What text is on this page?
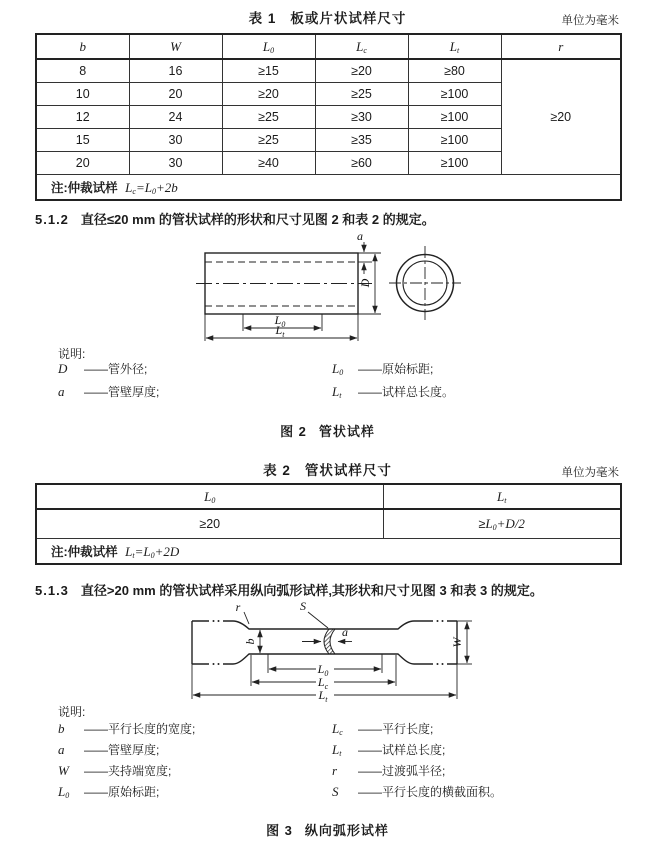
表 1 板或片状试样尺寸	单位为毫米
b	W	$L_0$	$L_c$	$L_t$	r
8	16	≥15	≥20	≥80	≥20
10	20	≥20	≥25	≥100	
12	24	≥25	≥30	≥100	
15	30	≥25	≥35	≥100	
20	30	≥40	≥60	≥100	
注:仲裁试样 $L_c=L_0+2b$					
5.1.2 直径≤20 mm 的管状试样的形状和尺寸见图 2 和表 2 的规定。
a
D
$L_0$
$L_t$
说明:
D ——管外径;
a ——管壁厚度;
$L_0$ ——原始标距;
$L_t$ ——试样总长度。
图 2 管状试样
表 2 管状试样尺寸	单位为毫米
$L_0$	$L_t$
≥20	$\ge L_0+D/2$
注:仲裁试样 $L_t=L_0+2D$	
5.1.3 直径>20 mm 的管状试样采用纵向弧形试样,其形状和尺寸见图 3 和表 3 的规定。
S
r
a
b	W
$L_0$
$L_c$
$L_t$
说明:
b ——平行长度的宽度;
a ——管壁厚度;
W ——夹持端宽度;
$L_0$ ——原始标距;
$L_c$ ——平行长度;
$L_t$ ——试样总长度;
r ——过渡弧半径;
S ——平行长度的横截面积。
图 3 纵向弧形试样
